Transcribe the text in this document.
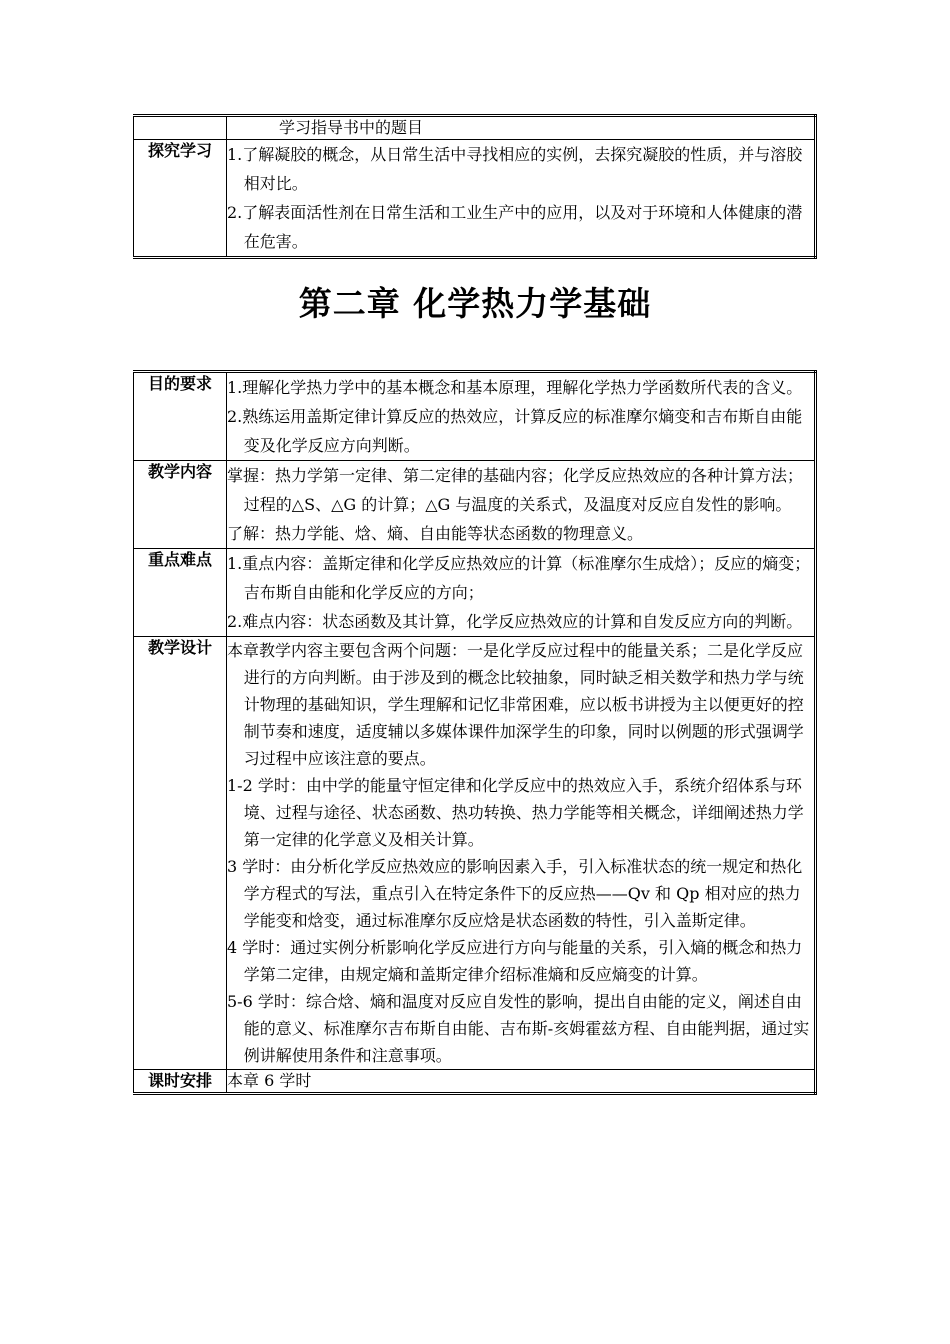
	学习指导书中的题目

探究学习	1.了解凝胶的概念，从日常生活中寻找相应的实例，去探究凝胶的性质，并与溶胶相对比。
2.了解表面活性剂在日常生活和工业生产中的应用，以及对于环境和人体健康的潜在危害。
第二章 化学热力学基础
目的要求	1.理解化学热力学中的基本概念和基本原理，理解化学热力学函数所代表的含义。
2.熟练运用盖斯定律计算反应的热效应，计算反应的标准摩尔熵变和吉布斯自由能变及化学反应方向判断。

教学内容	掌握：热力学第一定律、第二定律的基础内容；化学反应热效应的各种计算方法；过程的△S、△G 的计算；△G 与温度的关系式，及温度对反应自发性的影响。
了解：热力学能、焓、熵、自由能等状态函数的物理意义。

重点难点	1.重点内容：盖斯定律和化学反应热效应的计算（标准摩尔生成焓）；反应的熵变；吉布斯自由能和化学反应的方向；
2.难点内容：状态函数及其计算，化学反应热效应的计算和自发反应方向的判断。

教学设计	本章教学内容主要包含两个问题：一是化学反应过程中的能量关系；二是化学反应进行的方向判断。由于涉及到的概念比较抽象，同时缺乏相关数学和热力学与统计物理的基础知识，学生理解和记忆非常困难，应以板书讲授为主以便更好的控制节奏和速度，适度辅以多媒体课件加深学生的印象，同时以例题的形式强调学习过程中应该注意的要点。
1-2 学时：由中学的能量守恒定律和化学反应中的热效应入手，系统介绍体系与环境、过程与途径、状态函数、热功转换、热力学能等相关概念，详细阐述热力学第一定律的化学意义及相关计算。
3 学时：由分析化学反应热效应的影响因素入手，引入标准状态的统一规定和热化学方程式的写法，重点引入在特定条件下的反应热——Qv 和 Qp 相对应的热力学能变和焓变，通过标准摩尔反应焓是状态函数的特性，引入盖斯定律。
4 学时：通过实例分析影响化学反应进行方向与能量的关系，引入熵的概念和热力学第二定律，由规定熵和盖斯定律介绍标准熵和反应熵变的计算。
5-6 学时：综合焓、熵和温度对反应自发性的影响，提出自由能的定义，阐述自由能的意义、标准摩尔吉布斯自由能、吉布斯-亥姆霍兹方程、自由能判据，通过实例讲解使用条件和注意事项。

课时安排	本章 6 学时
